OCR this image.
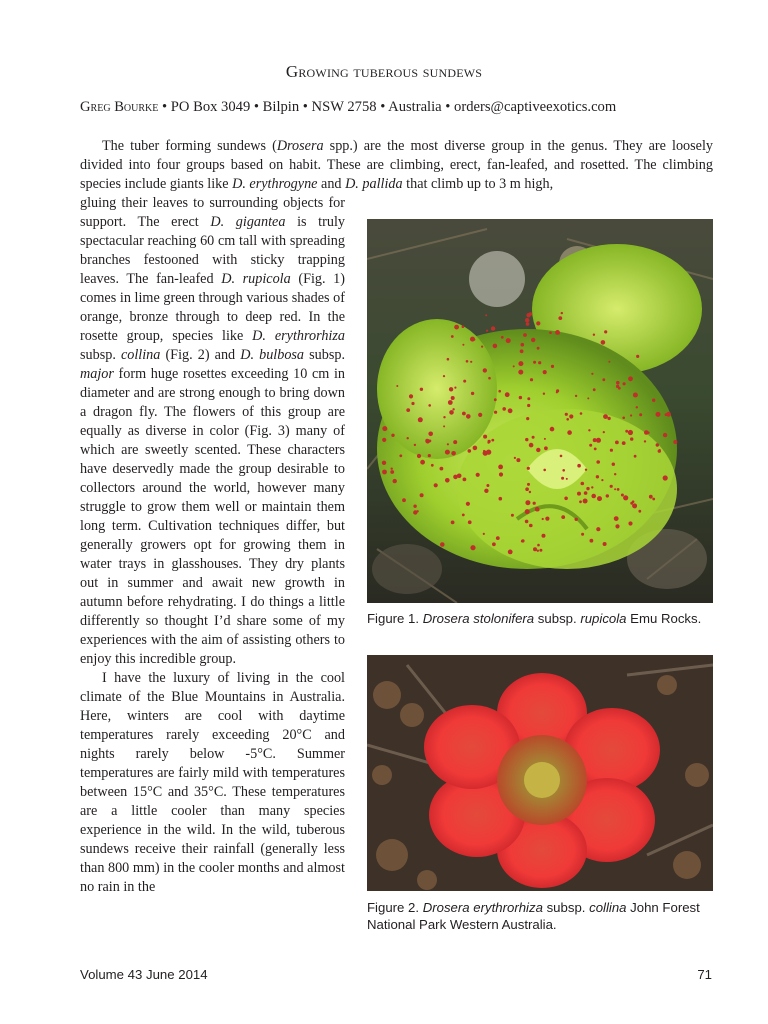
Growing tuberous sundews
Greg Bourke • PO Box 3049 • Bilpin • NSW 2758 • Australia • orders@captiveexotics.com

The tuber forming sundews (Drosera spp.) are the most diverse group in the genus. They are loosely divided into four groups based on habit. These are climbing, erect, fan-leafed, and rosetted. The climbing species include giants like D. erythrogyne and D. pallida that climb up to 3 m high,

gluing their leaves to surrounding objects for support. The erect D. gigantea is truly spectacular reaching 60 cm tall with spreading branches festooned with sticky trapping leaves. The fan-leafed D. rupicola (Fig. 1) comes in lime green through various shades of orange, bronze through to deep red. In the rosette group, species like D. erythrorhiza subsp. collina (Fig. 2) and D. bulbosa subsp. major form huge rosettes exceeding 10 cm in diameter and are strong enough to bring down a dragon fly. The flowers of this group are equally as diverse in color (Fig. 3) many of which are sweetly scented. These characters have deservedly made the group desirable to collectors around the world, however many struggle to grow them well or maintain them long term. Cultivation techniques differ, but generally growers opt for growing them in water trays in glasshouses. They dry plants out in summer and await new growth in autumn before rehydrating. I do things a little differently so thought I’d share some of my experiences with the aim of assisting others to enjoy this incredible group.

I have the luxury of living in the cool climate of the Blue Mountains in Australia. Here, winters are cool with daytime temperatures rarely exceeding 20°C and nights rarely below -5°C. Summer temperatures are fairly mild with temperatures between 15°C and 35°C. These temperatures are a little cooler than many species experience in the wild. In the wild, tuberous sundews receive their rainfall (generally less than 800 mm) in the cooler months and almost no rain in the

Figure 1. Drosera stolonifera subsp. rupicola Emu Rocks.
Figure 2. Drosera erythrorhiza subsp. collina John Forest National Park Western Australia.
Volume 43 June 2014	71
